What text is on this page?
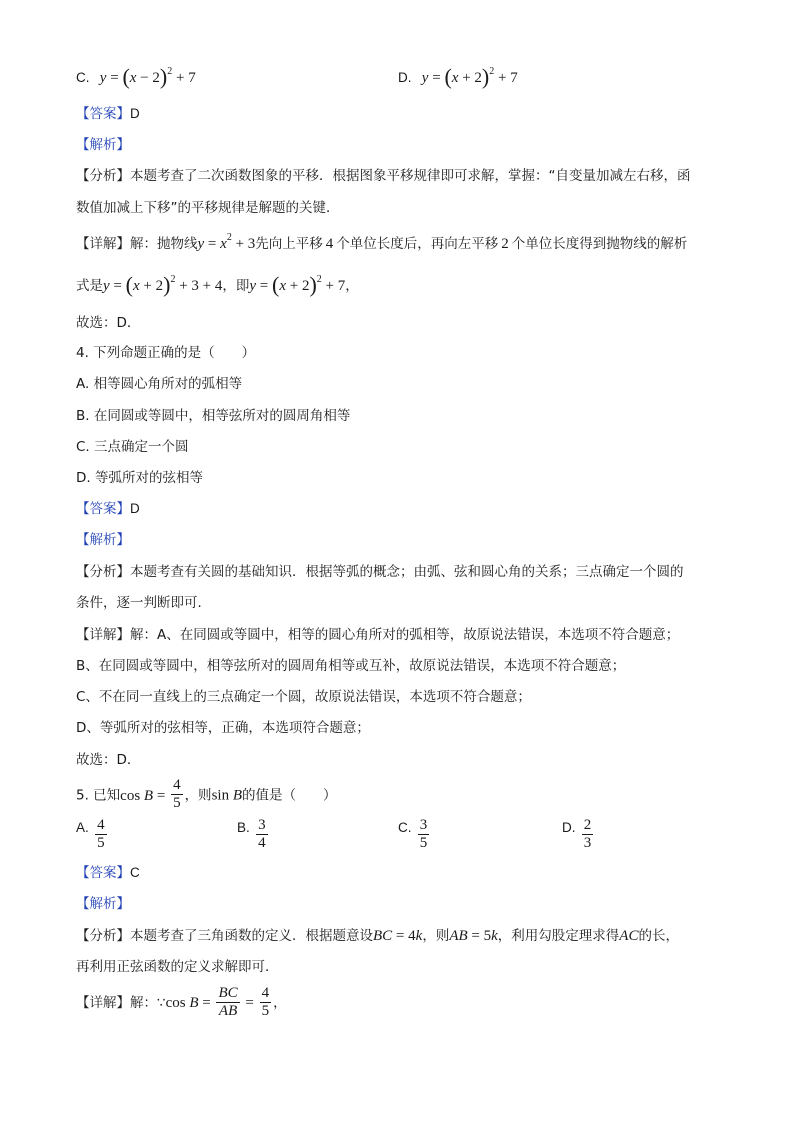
C. $y = (x - 2)^2 + 7$	D. $y = (x + 2)^2 + 7$
【答案】D
【解析】
【分析】本题考查了二次函数图象的平移．根据图象平移规律即可求解，掌握：“自变量加减左右移，函
数值加减上下移”的平移规律是解题的关键．
【详解】解：抛物线$y = x^2 + 3$先向上平移 4 个单位长度后，再向左平移 2 个单位长度得到抛物线的解析
式是$y = (x + 2)^2 + 3 + 4$，即$y = (x + 2)^2 + 7$，
故选：D．
4. 下列命题正确的是（　　）
A. 相等圆心角所对的弧相等
B. 在同圆或等圆中，相等弦所对的圆周角相等
C. 三点确定一个圆
D. 等弧所对的弦相等
【答案】D
【解析】
【分析】本题考查有关圆的基础知识．根据等弧的概念；由弧、弦和圆心角的关系；三点确定一个圆的
条件，逐一判断即可．
【详解】解：A、在同圆或等圆中，相等的圆心角所对的弧相等，故原说法错误，本选项不符合题意；
B、在同圆或等圆中，相等弦所对的圆周角相等或互补，故原说法错误，本选项不符合题意；
C、不在同一直线上的三点确定一个圆，故原说法错误，本选项不符合题意；
D、等弧所对的弦相等，正确，本选项符合题意；
故选：D．
5. 已知$\cos B = \frac{4}{5}$ ，则sin B的值是（　　）
A. $\frac{4}{5}$	B. $\frac{3}{4}$	C. $\frac{3}{5}$	D. $\frac{2}{3}$
【答案】C
【解析】
【分析】本题考查了三角函数的定义．根据题意设BC = 4k，则AB = 5k，利用勾股定理求得AC的长，
再利用正弦函数的定义求解即可．
【详解】解：∵cos $B = \frac{BC}{AB} = \frac{4}{5}$ ，
